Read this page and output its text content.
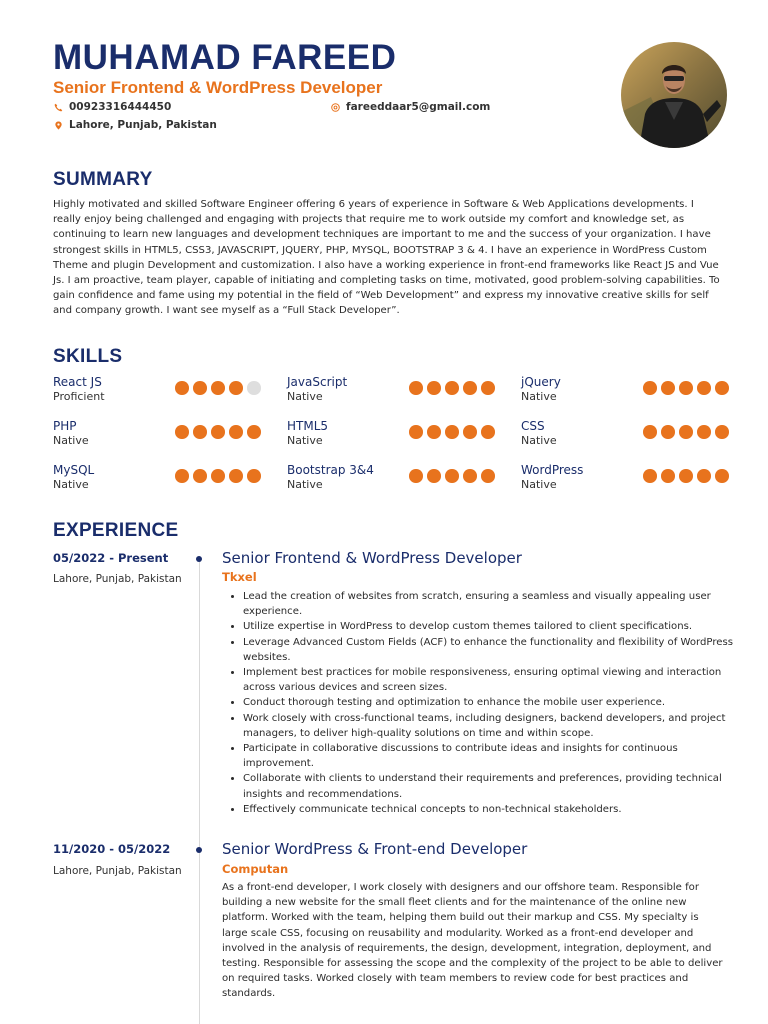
MUHAMAD FAREED
Senior Frontend & WordPress Developer
00923316444450	fareeddaar5@gmail.com
Lahore, Punjab, Pakistan
SUMMARY

Highly motivated and skilled Software Engineer offering 6 years of experience in Software & Web Applications developments. I really enjoy being challenged and engaging with projects that require me to work outside my comfort and knowledge set, as continuing to learn new languages and development techniques are important to me and the success of your organization. I have strongest skills in HTML5, CSS3, JAVASCRIPT, JQUERY, PHP, MYSQL, BOOTSTRAP 3 & 4. I have an experience in WordPress Custom Theme and plugin Development and customization. I also have a working experience in front-end frameworks like React JS and Vue Js. I am proactive, team player, capable of initiating and completing tasks on time, motivated, good problem-solving capabilities. To gain confidence and fame using my potential in the field of “Web Development” and express my innovative creative skills for self and company growth. I want see myself as a “Full Stack Developer”.

SKILLS
React JS
Proficient
JavaScript
Native
jQuery
Native
PHP
Native
HTML5
Native
CSS
Native
MySQL
Native
Bootstrap 3&4
Native
WordPress
Native
EXPERIENCE
05/2022 - Present
Lahore, Punjab, Pakistan
Senior Frontend & WordPress Developer
Tkxel
• Lead the creation of websites from scratch, ensuring a seamless and visually appealing user experience.
• Utilize expertise in WordPress to develop custom themes tailored to client specifications.
• Leverage Advanced Custom Fields (ACF) to enhance the functionality and flexibility of WordPress websites.
• Implement best practices for mobile responsiveness, ensuring optimal viewing and interaction across various devices and screen sizes.
• Conduct thorough testing and optimization to enhance the mobile user experience.
• Work closely with cross-functional teams, including designers, backend developers, and project managers, to deliver high-quality solutions on time and within scope.
• Participate in collaborative discussions to contribute ideas and insights for continuous improvement.
• Collaborate with clients to understand their requirements and preferences, providing technical insights and recommendations.
• Effectively communicate technical concepts to non-technical stakeholders.
11/2020 - 05/2022
Lahore, Punjab, Pakistan
Senior WordPress & Front-end Developer
Computan

As a front-end developer, I work closely with designers and our offshore team. Responsible for building a new website for the small fleet clients and for the maintenance of the online new platform. Worked with the team, helping them build out their markup and CSS. My specialty is large scale CSS, focusing on reusability and modularity. Worked as a front-end developer and involved in the analysis of requirements, the design, development, integration, deployment, and testing. Responsible for assessing the scope and the complexity of the project to be able to deliver on required tasks. Worked closely with team members to review code for best practices and standards.
